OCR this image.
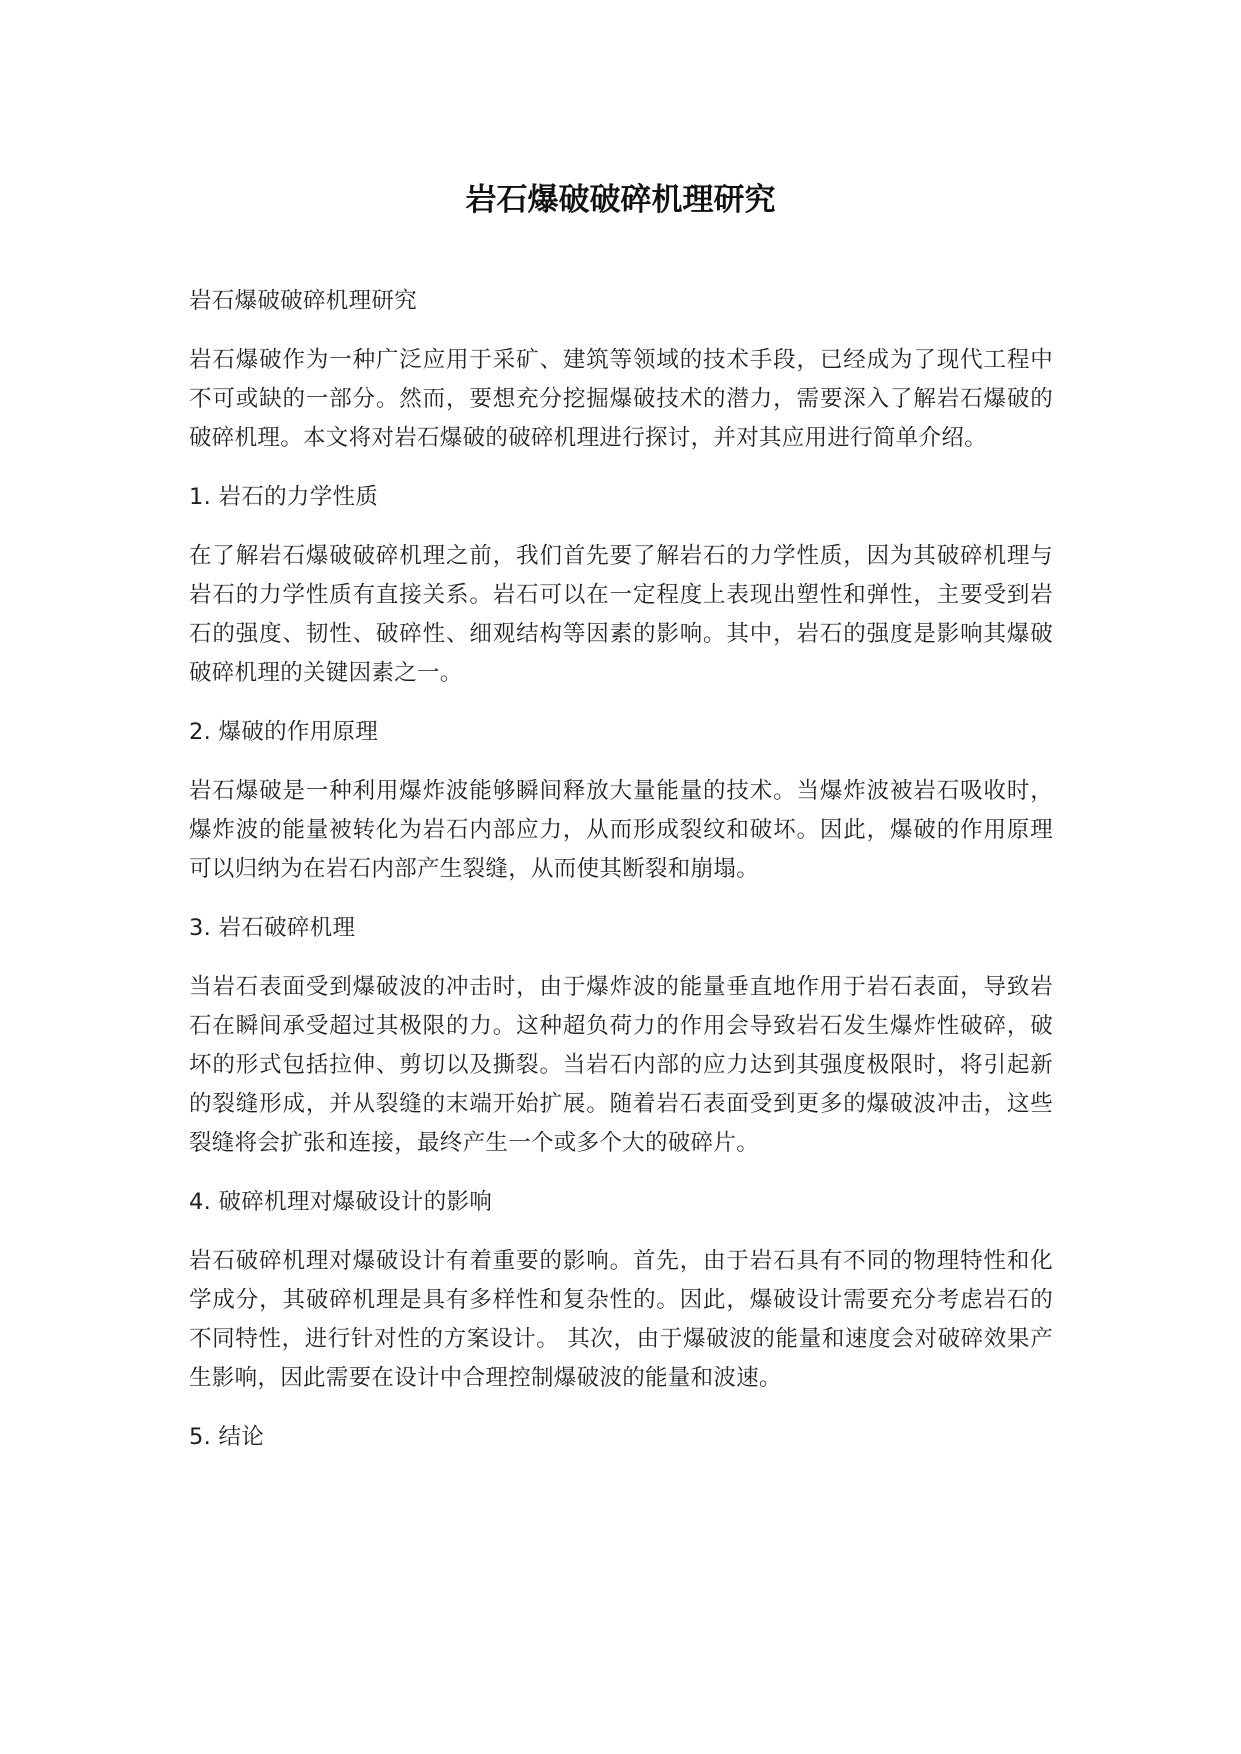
岩石爆破破碎机理研究

岩石爆破破碎机理研究

岩石爆破作为一种广泛应用于采矿、建筑等领域的技术手段，已经成为了现代工程中不可或缺的一部分。然而，要想充分挖掘爆破技术的潜力，需要深入了解岩石爆破的破碎机理。本文将对岩石爆破的破碎机理进行探讨，并对其应用进行简单介绍。

1. 岩石的力学性质

在了解岩石爆破破碎机理之前，我们首先要了解岩石的力学性质，因为其破碎机理与岩石的力学性质有直接关系。岩石可以在一定程度上表现出塑性和弹性，主要受到岩石的强度、韧性、破碎性、细观结构等因素的影响。其中，岩石的强度是影响其爆破破碎机理的关键因素之一。

2. 爆破的作用原理

岩石爆破是一种利用爆炸波能够瞬间释放大量能量的技术。当爆炸波被岩石吸收时，爆炸波的能量被转化为岩石内部应力，从而形成裂纹和破坏。因此，爆破的作用原理可以归纳为在岩石内部产生裂缝，从而使其断裂和崩塌。

3. 岩石破碎机理

当岩石表面受到爆破波的冲击时，由于爆炸波的能量垂直地作用于岩石表面，导致岩石在瞬间承受超过其极限的力。这种超负荷力的作用会导致岩石发生爆炸性破碎，破坏的形式包括拉伸、剪切以及撕裂。当岩石内部的应力达到其强度极限时，将引起新的裂缝形成，并从裂缝的末端开始扩展。随着岩石表面受到更多的爆破波冲击，这些裂缝将会扩张和连接，最终产生一个或多个大的破碎片。

4. 破碎机理对爆破设计的影响

岩石破碎机理对爆破设计有着重要的影响。首先，由于岩石具有不同的物理特性和化学成分，其破碎机理是具有多样性和复杂性的。因此，爆破设计需要充分考虑岩石的不同特性，进行针对性的方案设计。 其次，由于爆破波的能量和速度会对破碎效果产生影响，因此需要在设计中合理控制爆破波的能量和波速。

5. 结论
